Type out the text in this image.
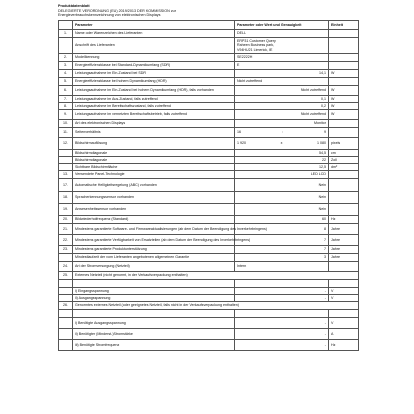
Produktdatenblatt
DELEGIERTE VERORDNUNG (EU) 2019/2013 DER KOMMISSION zur
Energieverbrauchskennzeichnung von elektronischen Displays
	Parameter	Parameter oder Wert und Genauigkeit	Einheit
1.	Name oder Warenzeichen des Lieferanten	DELL	
	Anschrift des Lieferanten	ERP31 Customer Query
Raheen Business park,
V94HU21 Limerick, IE	

2.	Modellkennung	SE2222H	
3.	Energieeffizienzklasse bei Standard-Dynamikumfang (SDR)	E	
4.	Leistungsaufnahme im Ein-Zustand bei SDR	14,1	W
5.	Energieeffizienzklasse bei hohem Dynamikumfang (HDR)	Nicht zutreffend	
6.	Leistungsaufnahme im Ein-Zustand bei hohem Dynamikumfang (HDR), falls vorhanden	Nicht zutreffend	W
7.	Leistungsaufnahme im Aus-Zustand, falls zutreffend	0,1	W
8.	Leistungsaufnahme im Bereitschaftszustand, falls zutreffend	0,2	W
9.	Leistungsaufnahme im vernetzten Bereitschaftsbetrieb, falls zutreffend	Nicht zutreffend	W
10.	Art des elektronischen Displays	Monitor	
11.	Seitenverhältnis	16 : 9	

12.	Bildschirmauflösung	1 920 x 1 080	pixels
	Bildschirmdiagonale	54,5	cm
	Bildschirmdiagonale	22	Zoll
	Sichtbare Bildschirmfläche	12,5	dm²
13.	Verwendete Panel-Technologie	LED LCD	
17.	Automatische Helligkeitsregelung (ABC) vorhanden	Nein	
18.	Spracherkennungssensor vorhanden	Nein	
19.	Anwesenheitssensor vorhanden	Nein	
20.	Bildwiederholfrequenz (Standard)	60	Hz
21.	Mindestens garantierte Software- und Firmwareaktualisierungen (ab dem Datum der Beendigung des Inverkehrbringens)	8	Jahre
22.	Mindestens garantierte Verfügbarkeit von Ersatzteilen (ab dem Datum der Beendigung des Inverkehrbringens)	7	Jahre
23.	Mindestens garantierte Produktunterstützung	7	Jahre
	Mindestlaufzeit der vom Lieferanten angebotenen allgemeinen Garantie	3	Jahre
24.	Art der Stromversorgung (Netzteil)	Intern	
25.	Externes Netzteil (nicht genormt, in der Verkaufsverpackung enthalten)		

	i) Eingangsspannung	-	V
	ii) Ausgangsspannung	-	V
26.	Genormtes externes Netzteil (oder geeignetes Netzteil, falls nicht in der Verkaufsverpackung enthalten)		

	i) Benötigte Ausgangsspannung	-	V
	ii) Benötigter (Minderst-)Stromstärke	-	A
	iii) Benötigte Stromfrequenz	-	Hz
